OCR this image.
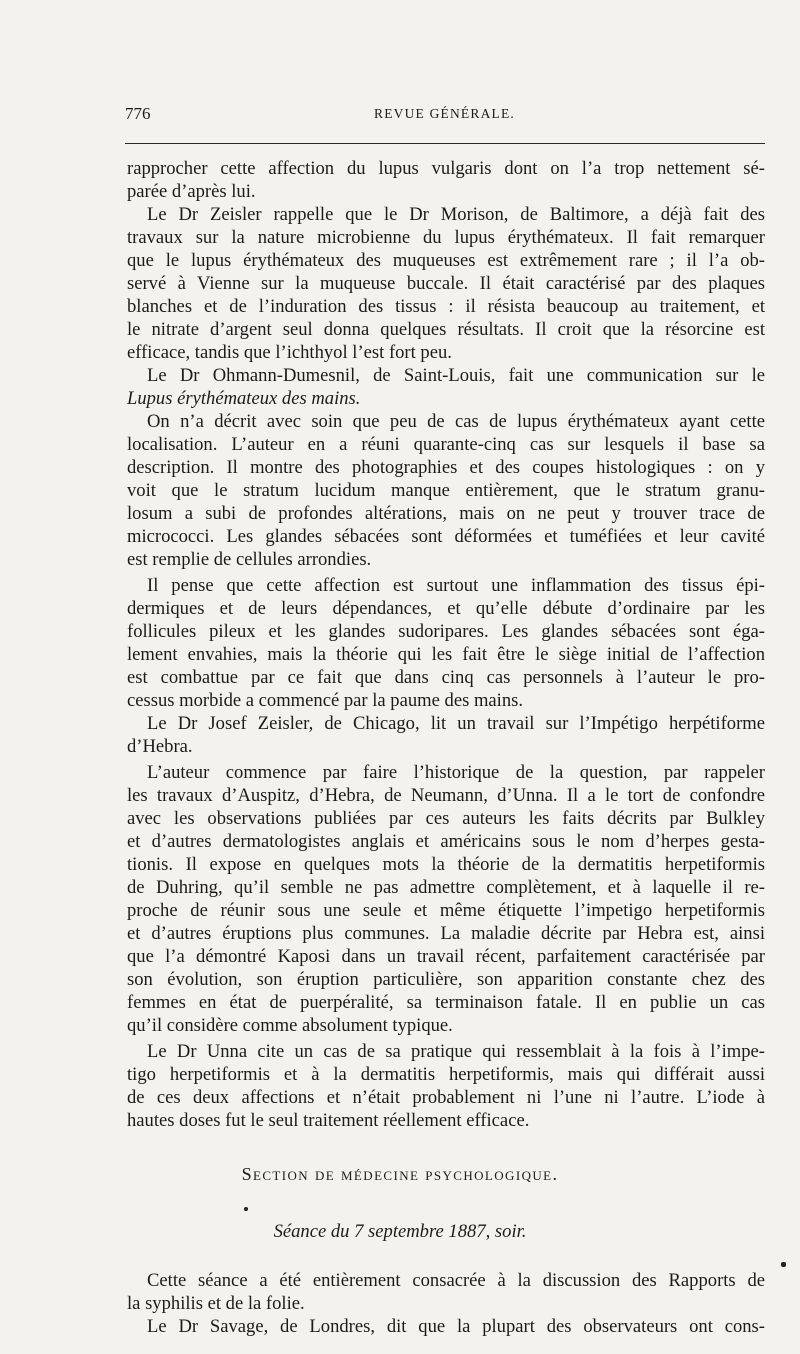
776	REVUE GÉNÉRALE.
rapprocher cette affection du lupus vulgaris dont on l’a trop nettement sé-
parée d’après lui.
Le Dr Zeisler rappelle que le Dr Morison, de Baltimore, a déjà fait des
travaux sur la nature microbienne du lupus érythémateux. Il fait remarquer
que le lupus érythémateux des muqueuses est extrêmement rare ; il l’a ob-
servé à Vienne sur la muqueuse buccale. Il était caractérisé par des plaques
blanches et de l’induration des tissus : il résista beaucoup au traitement, et
le nitrate d’argent seul donna quelques résultats. Il croit que la résorcine est
efficace, tandis que l’ichthyol l’est fort peu.
Le Dr Ohmann-Dumesnil, de Saint-Louis, fait une communication sur le
Lupus érythémateux des mains.
On n’a décrit avec soin que peu de cas de lupus érythémateux ayant cette
localisation. L’auteur en a réuni quarante-cinq cas sur lesquels il base sa
description. Il montre des photographies et des coupes histologiques : on y
voit que le stratum lucidum manque entièrement, que le stratum granu-
losum a subi de profondes altérations, mais on ne peut y trouver trace de
micrococci. Les glandes sébacées sont déformées et tuméfiées et leur cavité
est remplie de cellules arrondies.
Il pense que cette affection est surtout une inflammation des tissus épi-
dermiques et de leurs dépendances, et qu’elle débute d’ordinaire par les
follicules pileux et les glandes sudoripares. Les glandes sébacées sont éga-
lement envahies, mais la théorie qui les fait être le siège initial de l’affection
est combattue par ce fait que dans cinq cas personnels à l’auteur le pro-
cessus morbide a commencé par la paume des mains.
Le Dr Josef Zeisler, de Chicago, lit un travail sur l’Impétigo herpétiforme
d’Hebra.
L’auteur commence par faire l’historique de la question, par rappeler
les travaux d’Auspitz, d’Hebra, de Neumann, d’Unna. Il a le tort de confondre
avec les observations publiées par ces auteurs les faits décrits par Bulkley
et d’autres dermatologistes anglais et américains sous le nom d’herpes gesta-
tionis. Il expose en quelques mots la théorie de la dermatitis herpetiformis
de Duhring, qu’il semble ne pas admettre complètement, et à laquelle il re-
proche de réunir sous une seule et même étiquette l’impetigo herpetiformis
et d’autres éruptions plus communes. La maladie décrite par Hebra est, ainsi
que l’a démontré Kaposi dans un travail récent, parfaitement caractérisée par
son évolution, son éruption particulière, son apparition constante chez des
femmes en état de puerpéralité, sa terminaison fatale. Il en publie un cas
qu’il considère comme absolument typique.
Le Dr Unna cite un cas de sa pratique qui ressemblait à la fois à l’impe-
tigo herpetiformis et à la dermatitis herpetiformis, mais qui différait aussi
de ces deux affections et n’était probablement ni l’une ni l’autre. L’iode à
hautes doses fut le seul traitement réellement efficace.
Section de médecine psychologique.
Séance du 7 septembre 1887, soir.
Cette séance a été entièrement consacrée à la discussion des Rapports de
la syphilis et de la folie.
Le Dr Savage, de Londres, dit que la plupart des observateurs ont cons-
